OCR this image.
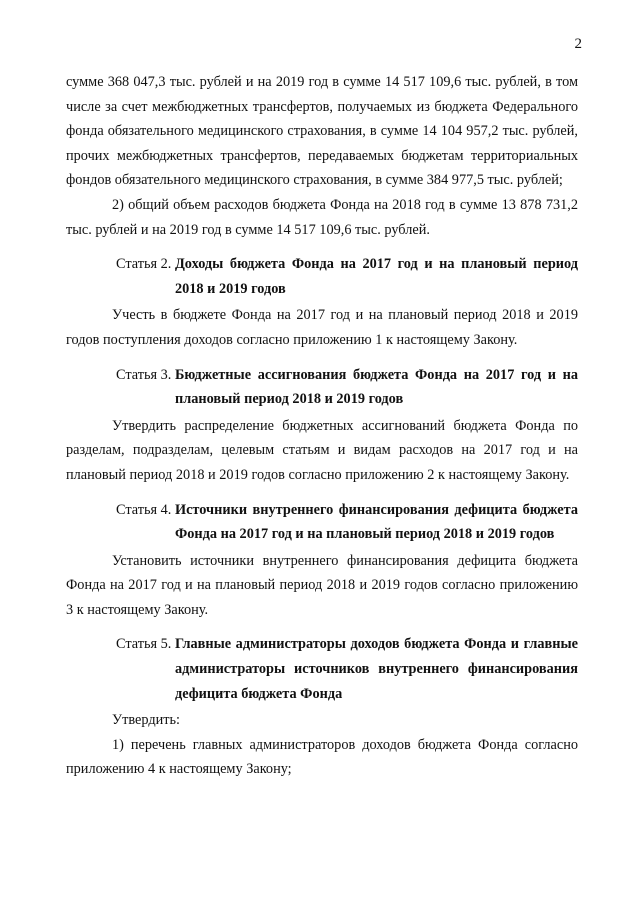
2

сумме 368 047,3 тыс. рублей и на 2019 год в сумме 14 517 109,6 тыс. рублей, в том числе за счет межбюджетных трансфертов, получаемых из бюджета Федерального фонда обязательного медицинского страхования, в сумме 14 104 957,2 тыс. рублей, прочих межбюджетных трансфертов, передаваемых бюджетам территориальных фондов обязательного медицинского страхования, в сумме 384 977,5 тыс. рублей;

2) общий объем расходов бюджета Фонда на 2018 год в сумме 13 878 731,2 тыс. рублей и на 2019 год в сумме 14 517 109,6 тыс. рублей.

Статья 2. Доходы бюджета Фонда на 2017 год и на плановый период 2018 и 2019 годов

Учесть в бюджете Фонда на 2017 год и на плановый период 2018 и 2019 годов поступления доходов согласно приложению 1 к настоящему Закону.

Статья 3. Бюджетные ассигнования бюджета Фонда на 2017 год и на плановый период 2018 и 2019 годов

Утвердить распределение бюджетных ассигнований бюджета Фонда по разделам, подразделам, целевым статьям и видам расходов на 2017 год и на плановый период 2018 и 2019 годов согласно приложению 2 к настоящему Закону.

Статья 4. Источники внутреннего финансирования дефицита бюджета Фонда на 2017 год и на плановый период 2018 и 2019 годов

Установить источники внутреннего финансирования дефицита бюджета Фонда на 2017 год и на плановый период 2018 и 2019 годов согласно приложению 3 к настоящему Закону.

Статья 5. Главные администраторы доходов бюджета Фонда и главные администраторы источников внутреннего финансирования дефицита бюджета Фонда

Утвердить:

1) перечень главных администраторов доходов бюджета Фонда согласно приложению 4 к настоящему Закону;
